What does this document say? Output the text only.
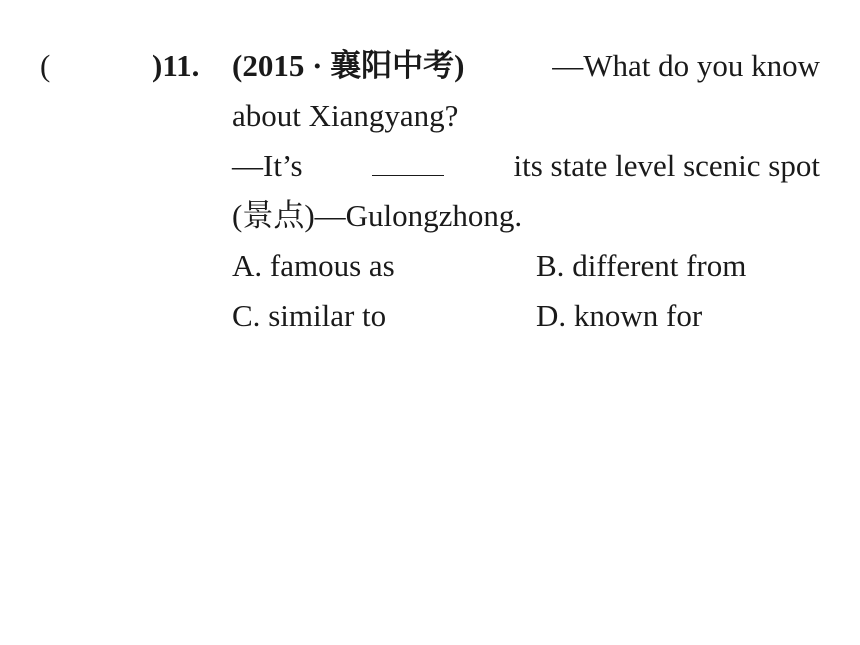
(	)11. (2015 · 襄阳中考)	—What do you know
about Xiangyang?
—It’s	its state level scenic spot
(景点)—Gulongzhong.
A. famous as	B. different from
C. similar to	D. known for
